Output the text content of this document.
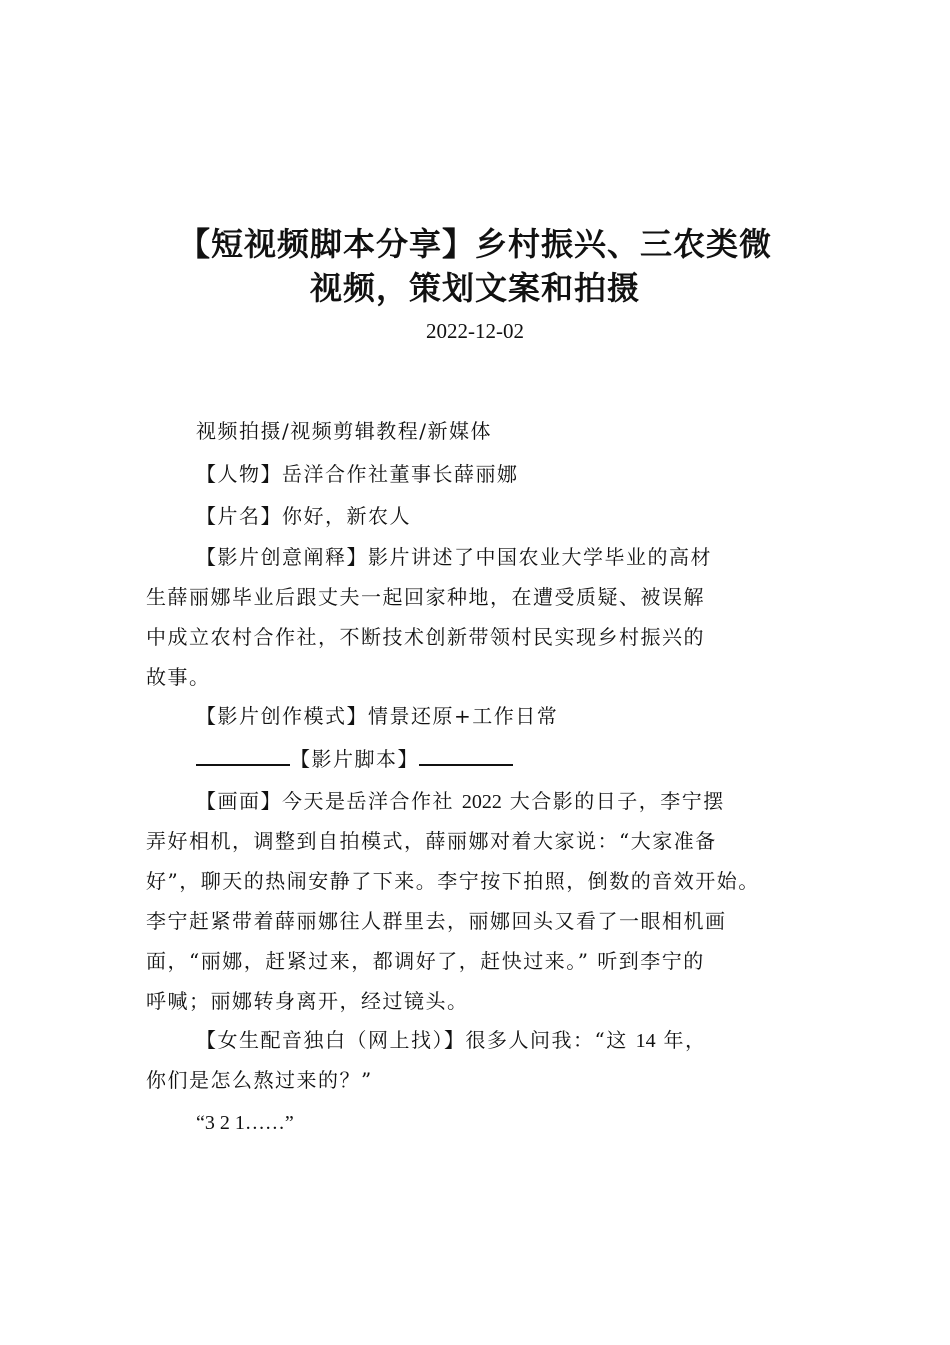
【短视频脚本分享】乡村振兴、三农类微
视频，策划文案和拍摄
2022-12-02
视频拍摄/视频剪辑教程/新媒体
【人物】岳洋合作社董事长薛丽娜
【片名】你好，新农人
【影片创意阐释】影片讲述了中国农业大学毕业的高材
生薛丽娜毕业后跟丈夫一起回家种地，在遭受质疑、被误解
中成立农村合作社，不断技术创新带领村民实现乡村振兴的
故事。
【影片创作模式】情景还原+工作日常
【影片脚本】
【画面】今天是岳洋合作社 2022 大合影的日子，李宁摆
弄好相机，调整到自拍模式，薛丽娜对着大家说：“大家准备
好”，聊天的热闹安静了下来。李宁按下拍照，倒数的音效开始。
李宁赶紧带着薛丽娜往人群里去，丽娜回头又看了一眼相机画
面，“丽娜，赶紧过来，都调好了，赶快过来。” 听到李宁的
呼喊；丽娜转身离开，经过镜头。
【女生配音独白（网上找）】很多人问我：“这 14 年，
你们是怎么熬过来的？”
“3 2 1……”
